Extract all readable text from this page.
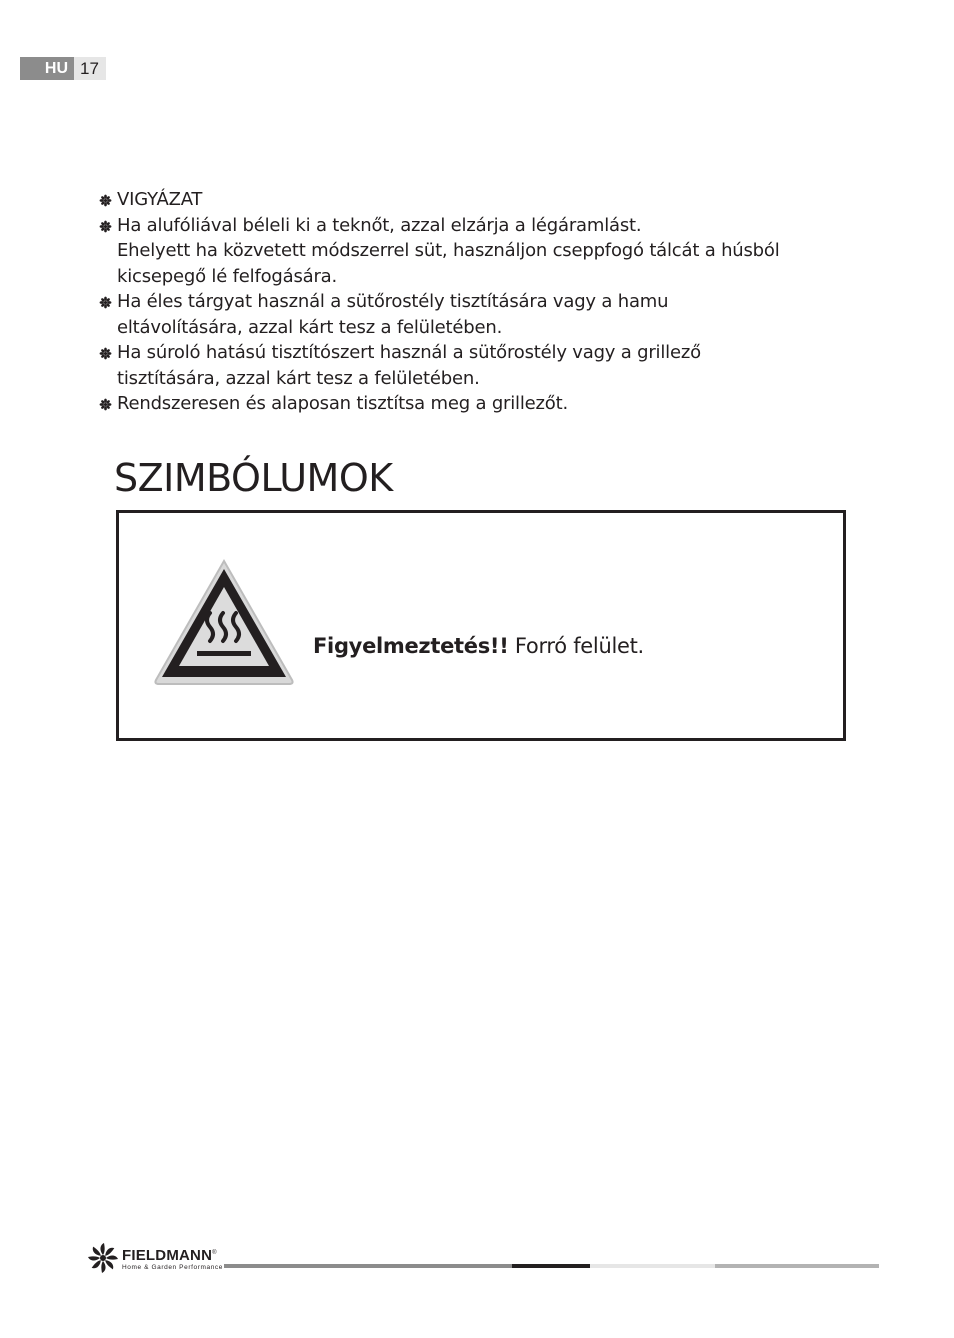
HU 17
VIGYÁZAT
Ha alufóliával béleli ki a teknőt, azzal elzárja a légáramlást.
Ehelyett ha közvetett módszerrel süt, használjon cseppfogó tálcát a húsból
kicsepegő lé felfogására.
Ha éles tárgyat használ a sütőrostély tisztítására vagy a hamu
eltávolítására, azzal kárt tesz a felületében.
Ha súroló hatású tisztítószert használ a sütőrostély vagy a grillező
tisztítására, azzal kárt tesz a felületében.
Rendszeresen és alaposan tisztítsa meg a grillezőt.
SZIMBÓLUMOK
Figyelmeztetés!! Forró felület.
FIELDMANN®
Home & Garden Performance
